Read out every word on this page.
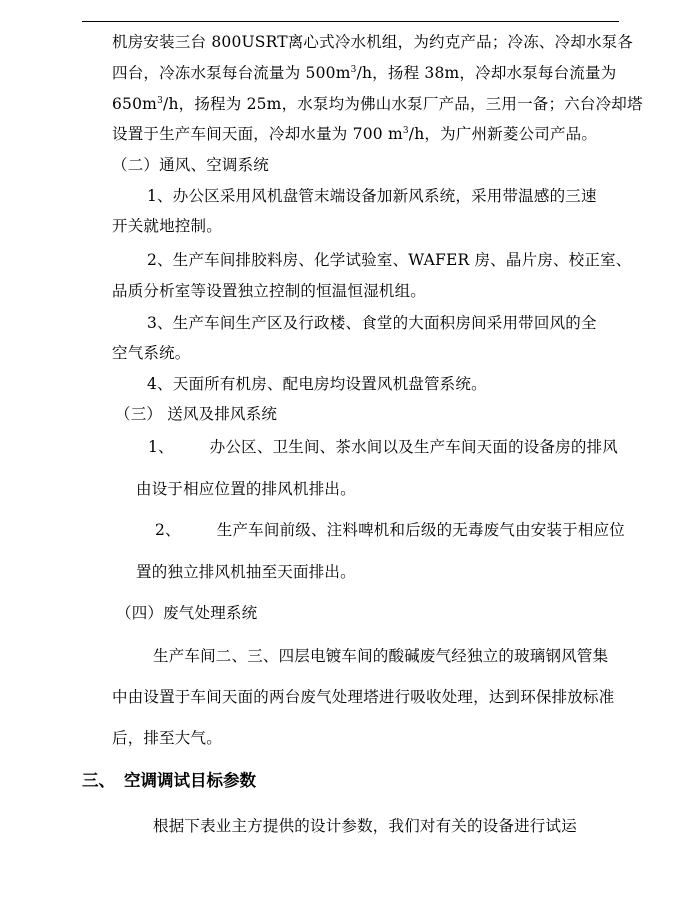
机房安装三台 800USRT离心式冷水机组，为约克产品；冷冻、冷却水泵各
四台，冷冻水泵每台流量为 $500m^3/h$，扬程 38m，冷却水泵每台流量为
$650m^3/h$，扬程为 25m，水泵均为佛山水泵厂产品，三用一备；六台冷却塔
设置于生产车间天面，冷却水量为 700 $m^3/h$，为广州新菱公司产品。
（二）通风、空调系统
1、办公区采用风机盘管末端设备加新风系统，采用带温感的三速
开关就地控制。
2、生产车间排胶料房、化学试验室、WAFER 房、晶片房、校正室、
品质分析室等设置独立控制的恒温恒湿机组。
3、生产车间生产区及行政楼、食堂的大面积房间采用带回风的全
空气系统。
4、天面所有机房、配电房均设置风机盘管系统。
（三） 送风及排风系统
1、 办公区、卫生间、茶水间以及生产车间天面的设备房的排风
由设于相应位置的排风机排出。
2、 生产车间前级、注料啤机和后级的无毒废气由安装于相应位
置的独立排风机抽至天面排出。
（四）废气处理系统
生产车间二、三、四层电镀车间的酸碱废气经独立的玻璃钢风管集
中由设置于车间天面的两台废气处理塔进行吸收处理，达到环保排放标准
后，排至大气。
三、 空调调试目标参数
根据下表业主方提供的设计参数，我们对有关的设备进行试运
